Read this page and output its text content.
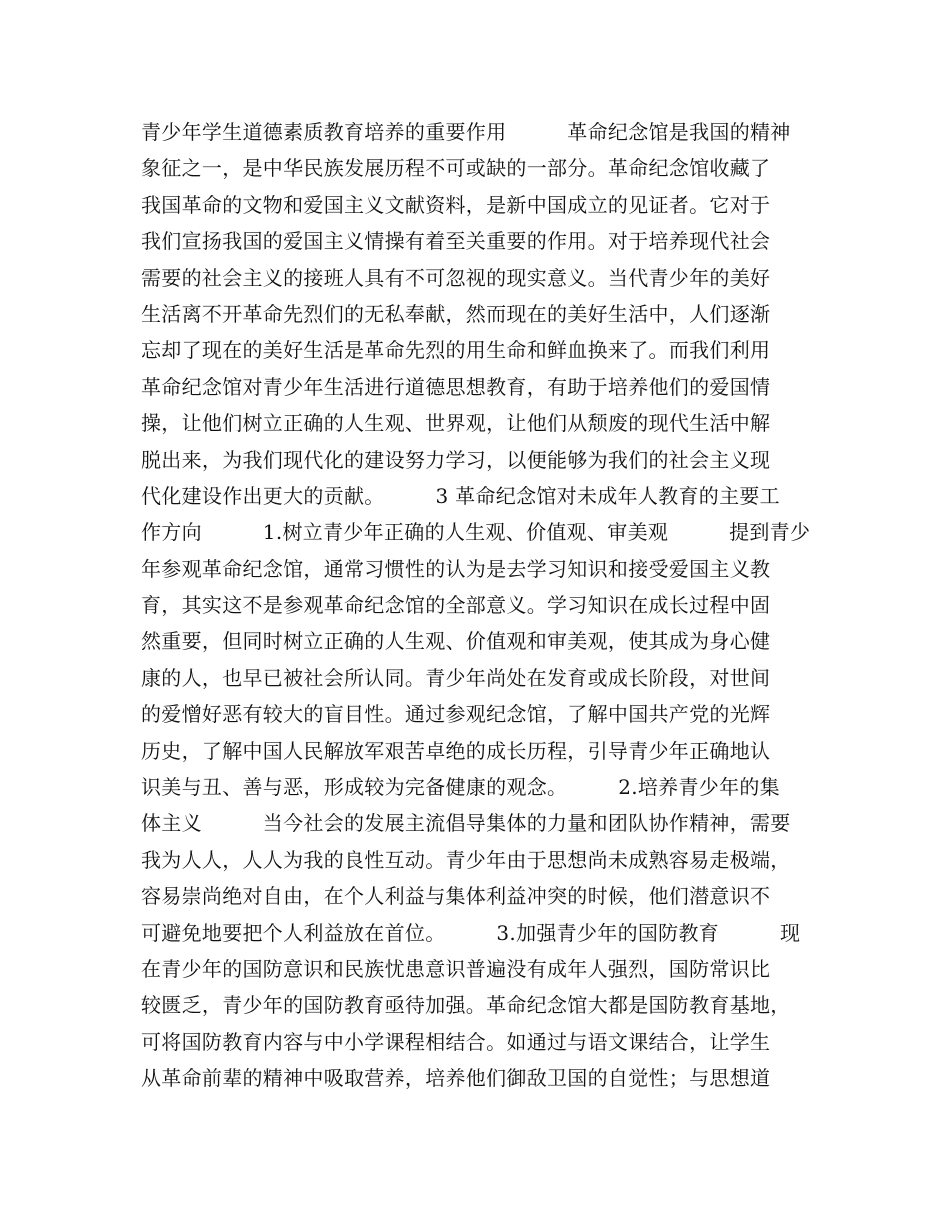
青少年学生道德素质教育培养的重要作用　　　革命纪念馆是我国的精神
象征之一，是中华民族发展历程不可或缺的一部分。革命纪念馆收藏了
我国革命的文物和爱国主义文献资料，是新中国成立的见证者。它对于
我们宣扬我国的爱国主义情操有着至关重要的作用。对于培养现代社会
需要的社会主义的接班人具有不可忽视的现实意义。当代青少年的美好
生活离不开革命先烈们的无私奉献，然而现在的美好生活中，人们逐渐
忘却了现在的美好生活是革命先烈的用生命和鲜血换来了。而我们利用
革命纪念馆对青少年生活进行道德思想教育，有助于培养他们的爱国情
操，让他们树立正确的人生观、世界观，让他们从颓废的现代生活中解
脱出来，为我们现代化的建设努力学习，以便能够为我们的社会主义现
代化建设作出更大的贡献。　　　3 革命纪念馆对未成年人教育的主要工
作方向　　　1.树立青少年正确的人生观、价值观、审美观　　　提到青少
年参观革命纪念馆，通常习惯性的认为是去学习知识和接受爱国主义教
育，其实这不是参观革命纪念馆的全部意义。学习知识在成长过程中固
然重要，但同时树立正确的人生观、价值观和审美观，使其成为身心健
康的人，也早已被社会所认同。青少年尚处在发育或成长阶段，对世间
的爱憎好恶有较大的盲目性。通过参观纪念馆，了解中国共产党的光辉
历史，了解中国人民解放军艰苦卓绝的成长历程，引导青少年正确地认
识美与丑、善与恶，形成较为完备健康的观念。　　　2.培养青少年的集
体主义　　　当今社会的发展主流倡导集体的力量和团队协作精神，需要
我为人人，人人为我的良性互动。青少年由于思想尚未成熟容易走极端，
容易崇尚绝对自由，在个人利益与集体利益冲突的时候，他们潜意识不
可避免地要把个人利益放在首位。　　　3.加强青少年的国防教育　　　现
在青少年的国防意识和民族忧患意识普遍没有成年人强烈，国防常识比
较匮乏，青少年的国防教育亟待加强。革命纪念馆大都是国防教育基地，
可将国防教育内容与中小学课程相结合。如通过与语文课结合，让学生
从革命前辈的精神中吸取营养，培养他们御敌卫国的自觉性；与思想道
